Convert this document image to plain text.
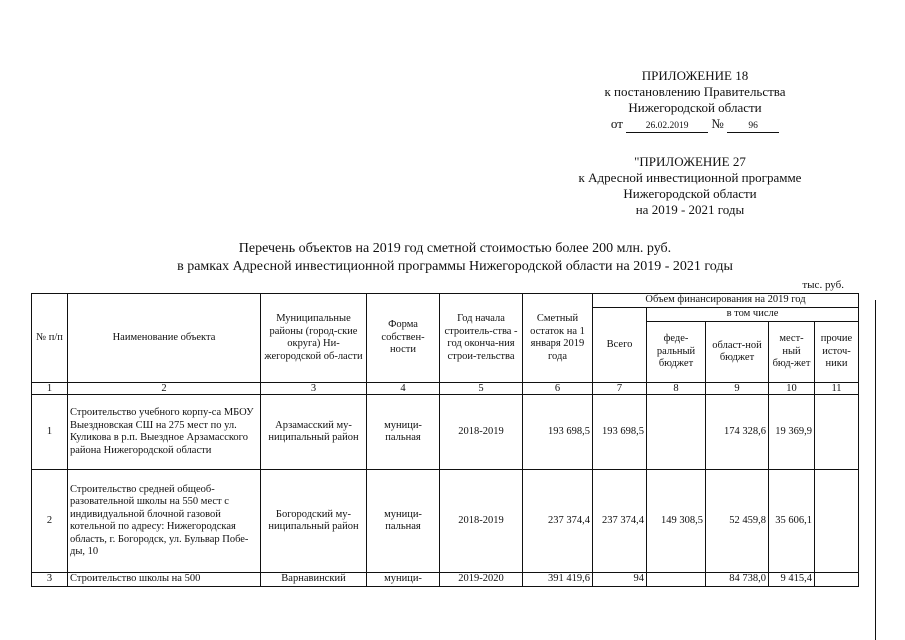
ПРИЛОЖЕНИЕ 18
к постановлению Правительства
Нижегородской области
от 26.02.2019 №	96
"ПРИЛОЖЕНИЕ 27
к Адресной инвестиционной программе
Нижегородской области
на 2019 - 2021 годы
Перечень объектов на 2019 год сметной стоимостью более 200 млн. руб.
в рамках Адресной инвестиционной программы Нижегородской области на 2019 - 2021 годы
тыс. руб.
№ п/п	Наименование объекта	Муниципальные районы (город-ские округа) Ни-жегородской об-ласти	Форма собствен-ности	Год начала строитель-ства - год оконча-ния строи-тельства	Сметный остаток на 1 января 2019 года	Объем финансирования на 2019 год				
						Всего	в том числе			
							феде-ральный бюджет	област-ной бюджет	мест-ный бюд-жет	прочие источ-ники
1	2	3	4	5	6	7	8	9	10	11
1	Строительство учебного корпу-са МБОУ Выездновская СШ на 275 мест по ул. Куликова в р.п. Выездное Арзамасского района Нижегородской области	Арзамасский му-ниципальный район	муници-пальная	2018-2019	193 698,5	193 698,5		174 328,6	19 369,9	
2	Строительство средней общеоб-разовательной школы на 550 мест с индивидуальной блочной газовой котельной по адресу: Нижегородская область, г. Богородск, ул. Бульвар Побе-ды, 10	Богородский му-ниципальный район	муници-пальная	2018-2019	237 374,4	237 374,4	149 308,5	52 459,8	35 606,1	
3	Строительство школы на 500	Варнавинский	муници-	2019-2020	391 419,6	94		84 738,0	9 415,4	
